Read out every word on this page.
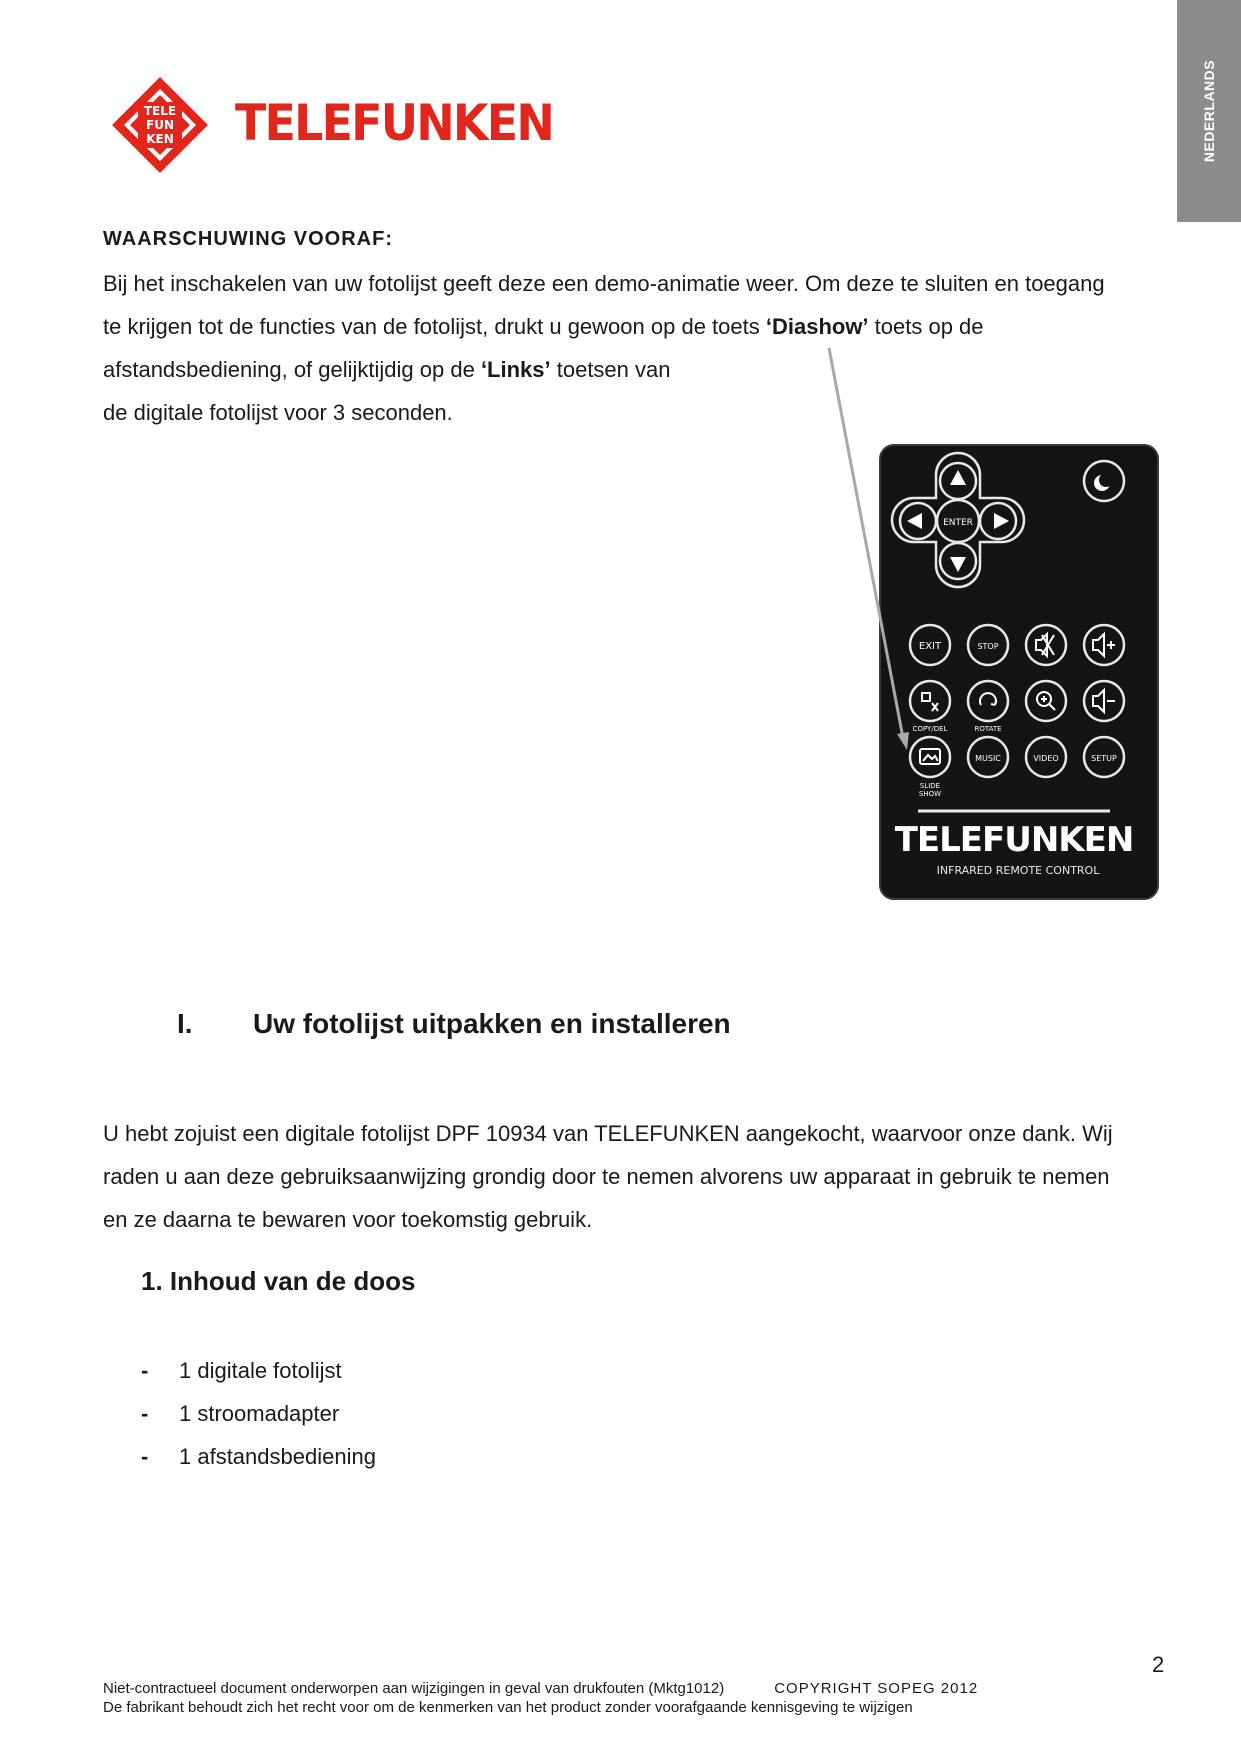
NEDERLANDS
TELE
FUN
KEN TELEFUNKEN
WAARSCHUWING VOORAF:

Bij het inschakelen van uw fotolijst geeft deze een demo-animatie weer. Om deze te sluiten en toegang

te krijgen tot de functies van de fotolijst, drukt u gewoon op de toets ‘Diashow’ toets op de

afstandsbediening, of gelijktijdig op de ‘Links’ toetsen van

de digitale fotolijst voor 3 seconden.

ENTER
EXIT	STOP
MUSIC	VIDEO	SETUP
COPY/DEL	ROTATE
SLIDE
SHOW
TELEFUNKEN
INFRARED REMOTE CONTROL
I. Uw fotolijst uitpakken en installeren
U hebt zojuist een digitale fotolijst DPF 10934 van TELEFUNKEN aangekocht, waarvoor onze dank. Wij
raden u aan deze gebruiksaanwijzing grondig door te nemen alvorens uw apparaat in gebruik te nemen
en ze daarna te bewaren voor toekomstig gebruik.
1. Inhoud van de doos
- 1 digitale fotolijst
- 1 stroomadapter
- 1 afstandsbediening
2
Niet-contractueel document onderworpen aan wijzigingen in geval van drukfouten (Mktg1012)	COPYRIGHT SOPEG 2012
De fabrikant behoudt zich het recht voor om de kenmerken van het product zonder voorafgaande kennisgeving te wijzigen
